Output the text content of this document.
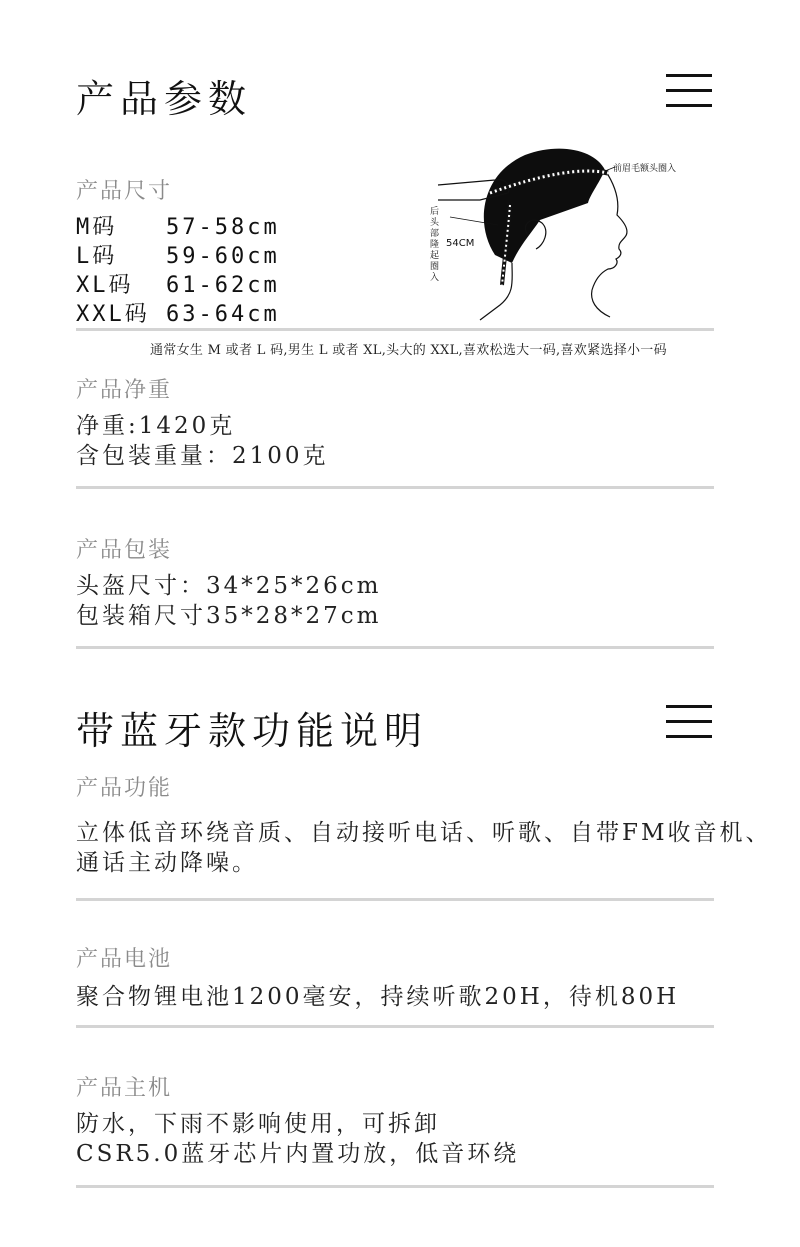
产品参数
产品尺寸
M码 57-58cm
L码 59-60cm
XL码 61-62cm
XXL码 63-64cm
前眉毛额头圈入
后
头
部
隆
起
圈
入
54CM
通常女生 M 或者 L 码,男生 L 或者 XL,头大的 XXL,喜欢松选大一码,喜欢紧选择小一码
产品净重
净重:1420克
含包装重量：2100克
产品包装
头盔尺寸：34*25*26cm
包装箱尺寸35*28*27cm
带蓝牙款功能说明
产品功能
立体低音环绕音质、自动接听电话、听歌、自带FM收音机、
通话主动降噪。
产品电池
聚合物锂电池1200毫安，持续听歌20H，待机80H
产品主机
防水，下雨不影响使用，可拆卸
CSR5.0蓝牙芯片内置功放，低音环绕
